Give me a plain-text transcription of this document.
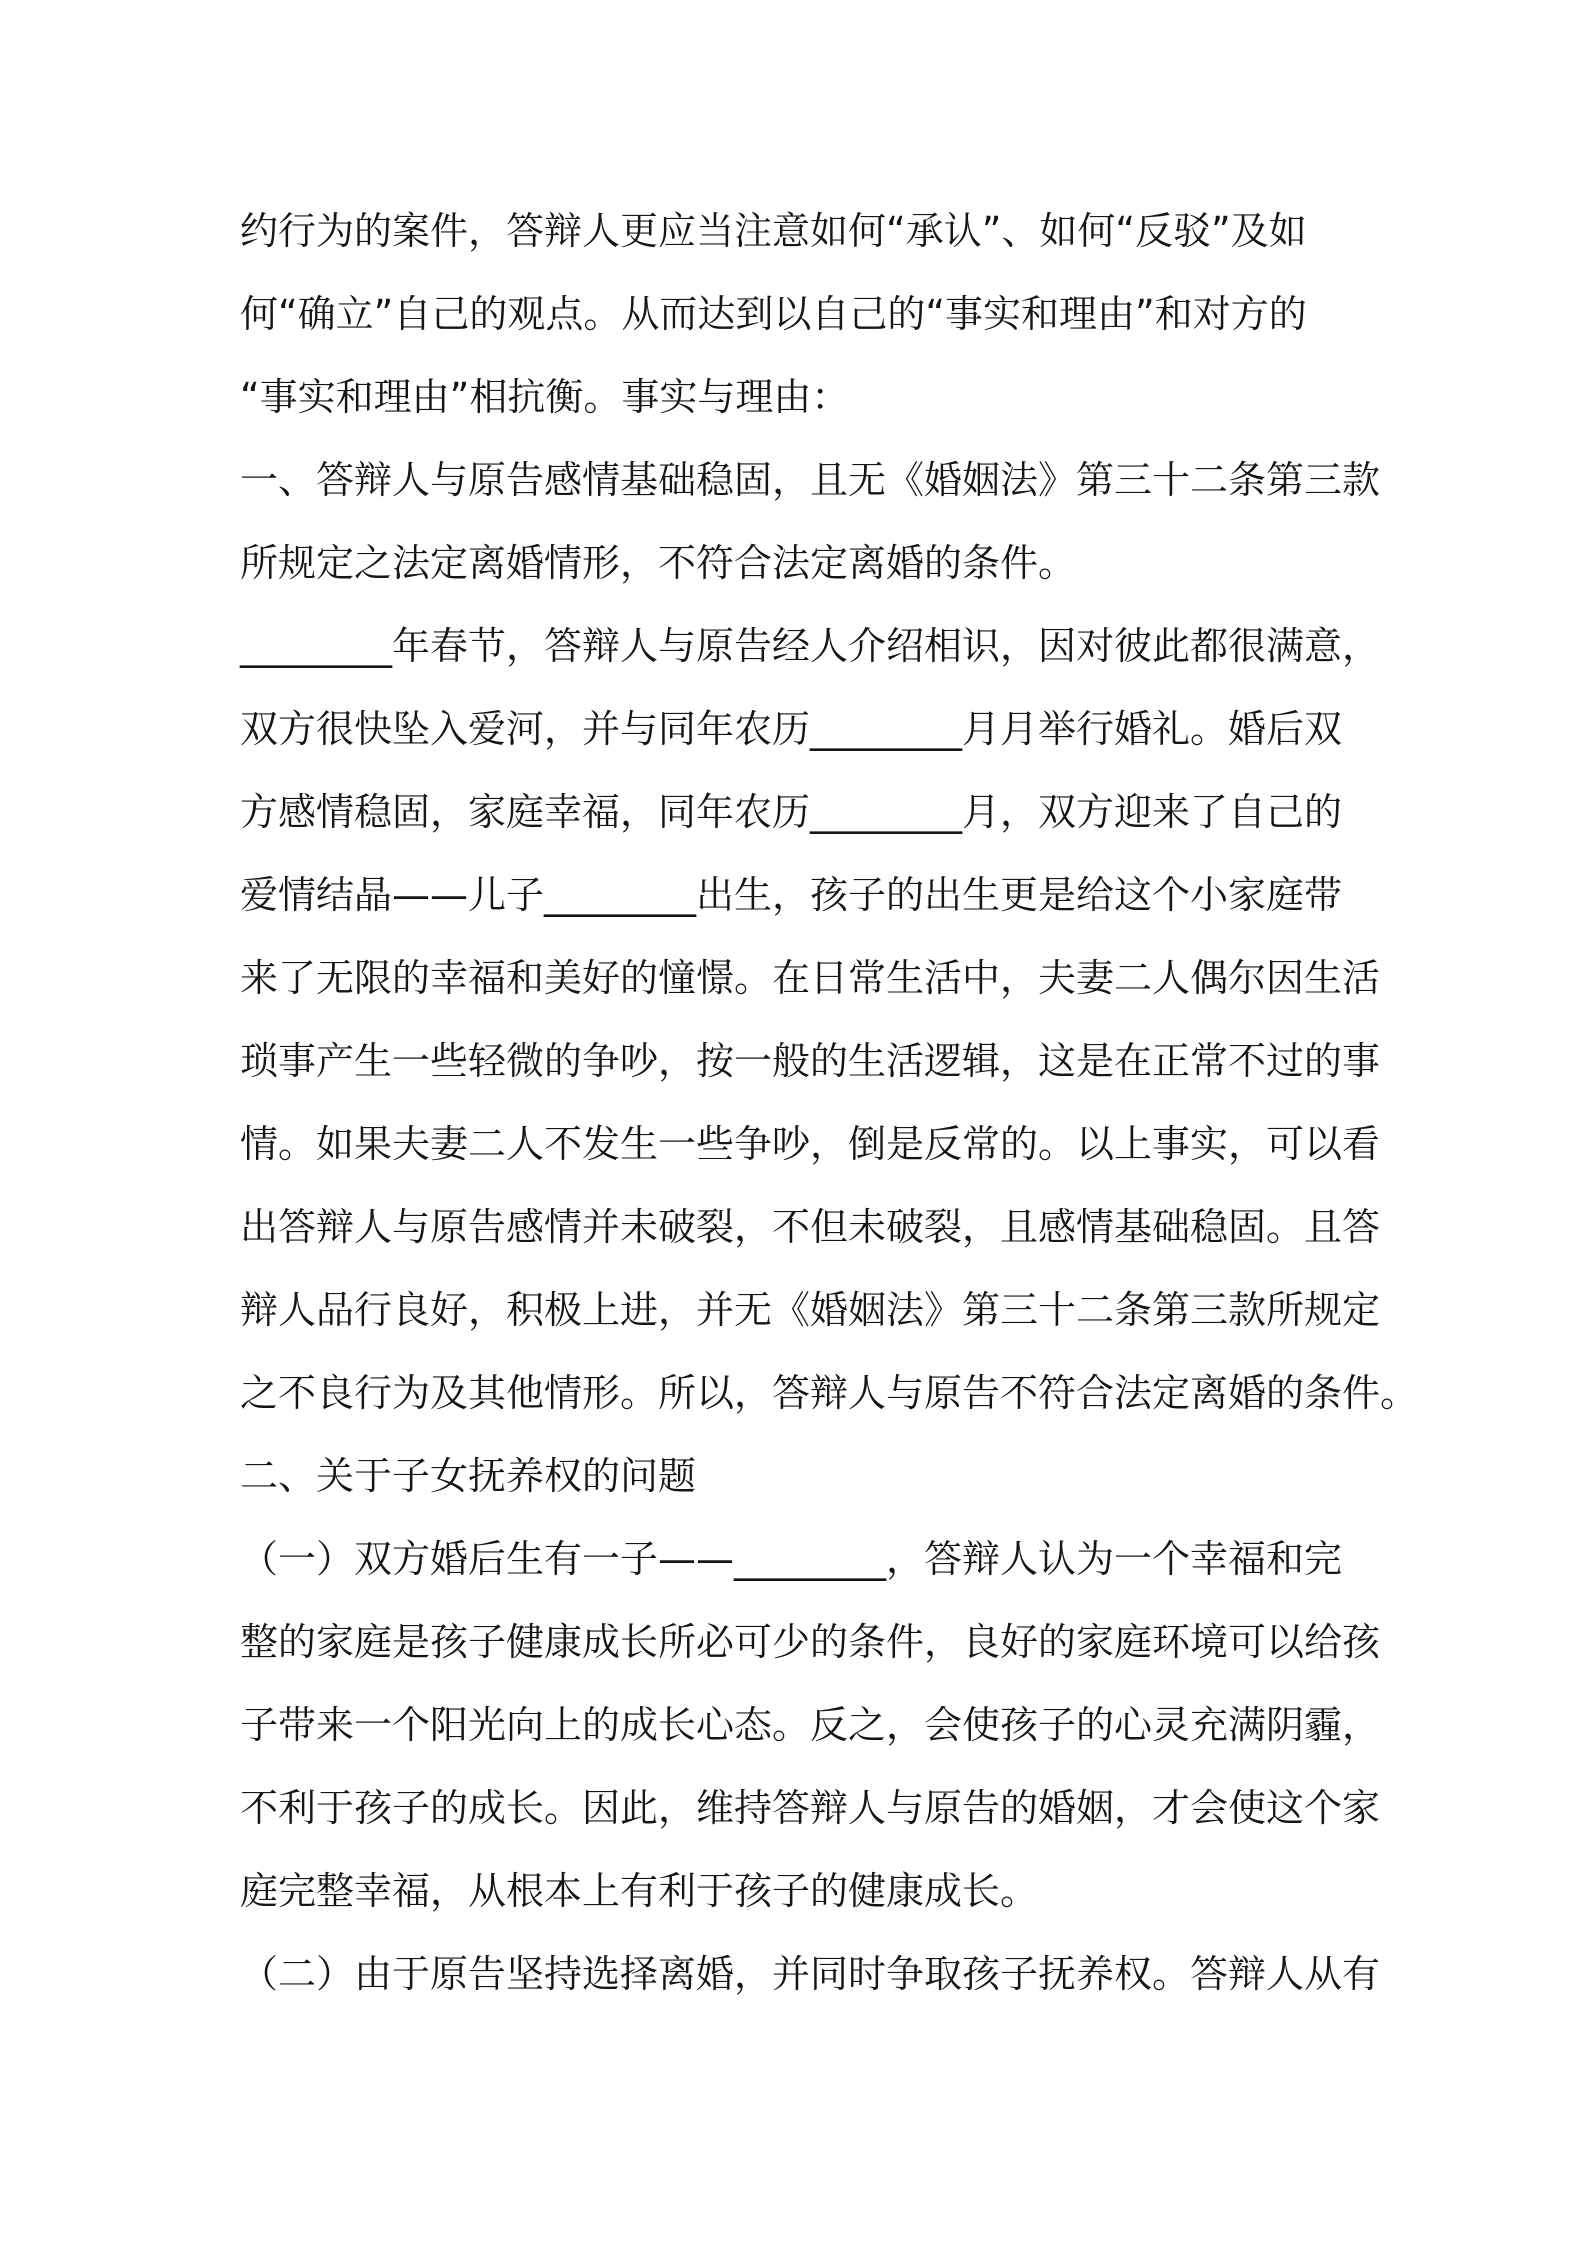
约行为的案件，答辩人更应当注意如何“承认”、如何“反驳”及如
何“确立”自己的观点。从而达到以自己的“事实和理由”和对方的
“事实和理由”相抗衡。事实与理由：
一、答辩人与原告感情基础稳固，且无《婚姻法》第三十二条第三款
所规定之法定离婚情形，不符合法定离婚的条件。
________年春节，答辩人与原告经人介绍相识，因对彼此都很满意，
双方很快坠入爱河，并与同年农历________月月举行婚礼。婚后双
方感情稳固，家庭幸福，同年农历________月，双方迎来了自己的
爱情结晶——儿子________出生，孩子的出生更是给这个小家庭带
来了无限的幸福和美好的憧憬。在日常生活中，夫妻二人偶尔因生活
琐事产生一些轻微的争吵，按一般的生活逻辑，这是在正常不过的事
情。如果夫妻二人不发生一些争吵，倒是反常的。以上事实，可以看
出答辩人与原告感情并未破裂，不但未破裂，且感情基础稳固。且答
辩人品行良好，积极上进，并无《婚姻法》第三十二条第三款所规定
之不良行为及其他情形。所以，答辩人与原告不符合法定离婚的条件。
二、关于子女抚养权的问题
（一）双方婚后生有一子——________，答辩人认为一个幸福和完
整的家庭是孩子健康成长所必可少的条件，良好的家庭环境可以给孩
子带来一个阳光向上的成长心态。反之，会使孩子的心灵充满阴霾，
不利于孩子的成长。因此，维持答辩人与原告的婚姻，才会使这个家
庭完整幸福，从根本上有利于孩子的健康成长。
（二）由于原告坚持选择离婚，并同时争取孩子抚养权。答辩人从有
